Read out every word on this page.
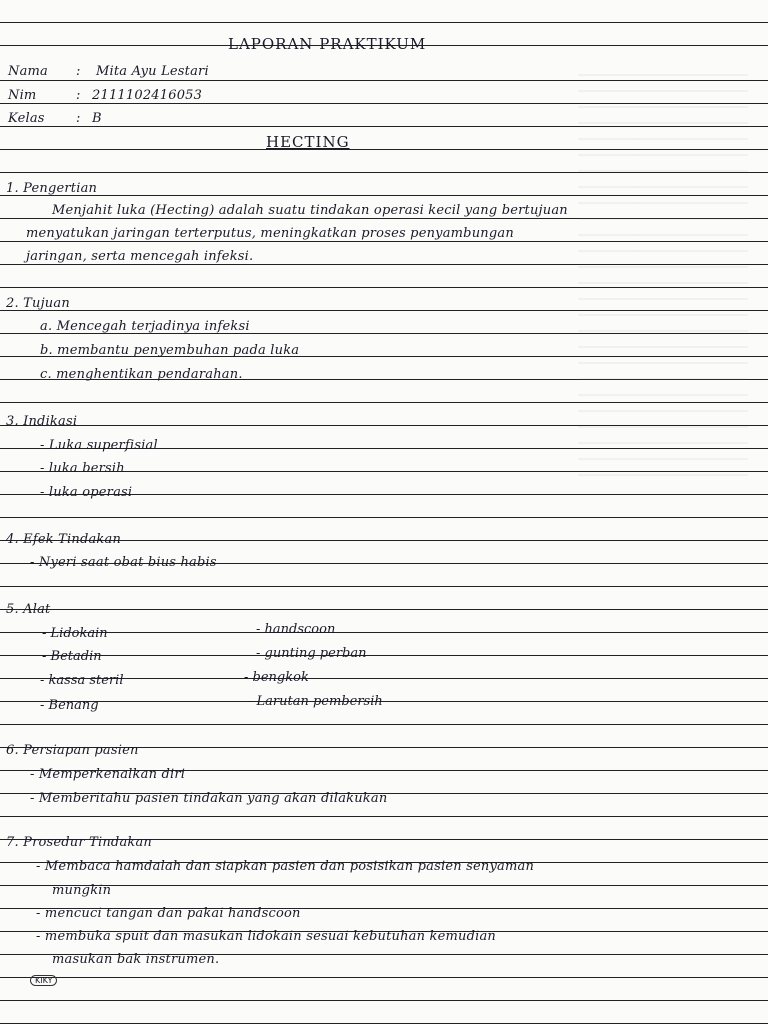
LAPORAN PRAKTIKUM
Nama : Mita Ayu Lestari
Nim	: 2111102416053
Kelas : B
HECTING
1. Pengertian
Menjahit luka (Hecting) adalah suatu tindakan operasi kecil yang bertujuan
menyatukan jaringan terterputus, meningkatkan proses penyambungan
jaringan, serta mencegah infeksi.
2. Tujuan
a. Mencegah terjadinya infeksi
b. membantu penyembuhan pada luka
c. menghentikan pendarahan.
3. Indikasi
- Luka superfisial
- luka bersih
- luka operasi
4. Efek Tindakan
- Nyeri saat obat bius habis
5. Alat
- Lidokain
- Betadin
- kassa steril
- Benang
- handscoon
- gunting perban
- bengkok
- Larutan pembersih
6. Persiapan pasien
- Memperkenalkan diri
- Memberitahu pasien tindakan yang akan dilakukan
7. Prosedur Tindakan
- Membaca hamdalah dan siapkan pasien dan posisikan pasien senyaman
mungkin
- mencuci tangan dan pakai handscoon
- membuka spuit dan masukan lidokain sesuai kebutuhan kemudian
masukan bak instrumen.
KIKY
